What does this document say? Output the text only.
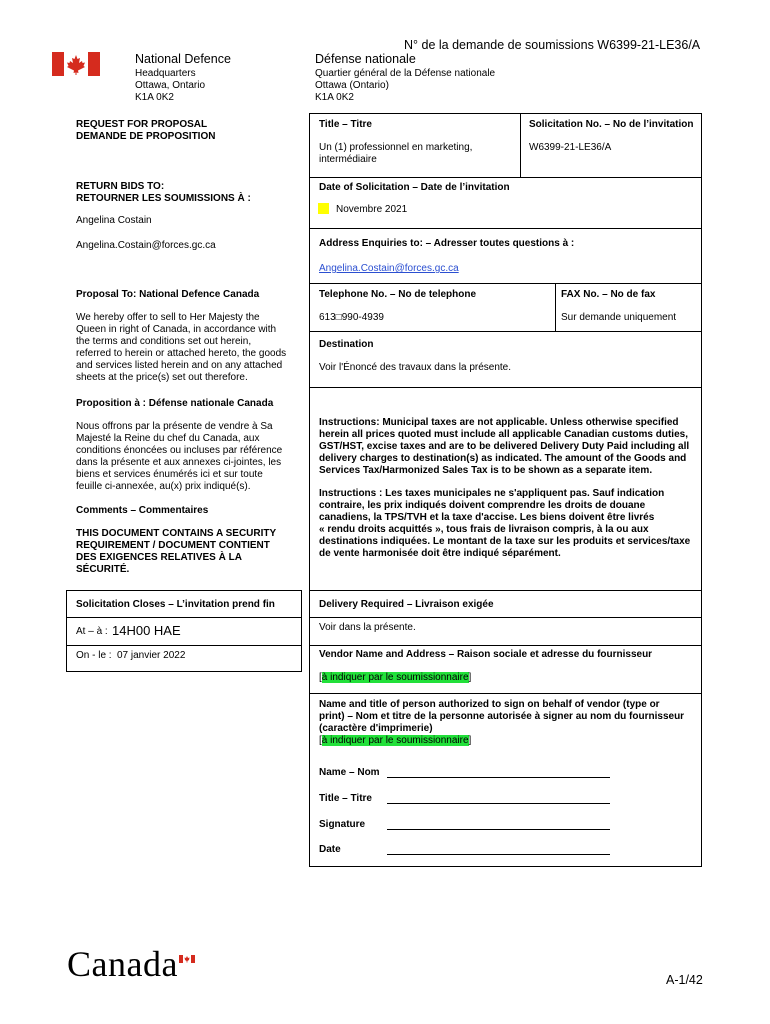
N° de la demande de soumissions W6399-21-LE36/A
National Defence	Défense nationale
Headquarters
Ottawa, Ontario
K1A 0K2
Quartier général de la Défense nationale
Ottawa (Ontario)
K1A 0K2
REQUEST FOR PROPOSAL
DEMANDE DE PROPOSITION
RETURN BIDS TO:
RETOURNER LES SOUMISSIONS À :
Angelina Costain
Angelina.Costain@forces.gc.ca
Proposal To: National Defence Canada
We hereby offer to sell to Her Majesty the
Queen in right of Canada, in accordance with
the terms and conditions set out herein,
referred to herein or attached hereto, the goods
and services listed herein and on any attached
sheets at the price(s) set out therefore.
Proposition à : Défense nationale Canada
Nous offrons par la présente de vendre à Sa
Majesté la Reine du chef du Canada, aux
conditions énoncées ou incluses par référence
dans la présente et aux annexes ci-jointes, les
biens et services énumérés ici et sur toute
feuille ci-annexée, au(x) prix indiqué(s).
Comments – Commentaires
THIS DOCUMENT CONTAINS A SECURITY
REQUIREMENT / DOCUMENT CONTIENT
DES EXIGENCES RELATIVES À LA
SÉCURITÉ.
Title – Titre
Un (1) professionnel en marketing,
intermédiaire
Solicitation No. – No de l’invitation
W6399-21-LE36/A
Date of Solicitation – Date de l’invitation
Novembre 2021
Address Enquiries to: – Adresser toutes questions à :
Angelina.Costain@forces.gc.ca
Telephone No. – No de telephone
613□990-4939
FAX No. – No de fax
Sur demande uniquement
Destination
Voir l'Énoncé des travaux dans la présente.
Instructions: Municipal taxes are not applicable. Unless otherwise specified
herein all prices quoted must include all applicable Canadian customs duties,
GST/HST, excise taxes and are to be delivered Delivery Duty Paid including all
delivery charges to destination(s) as indicated. The amount of the Goods and
Services Tax/Harmonized Sales Tax is to be shown as a separate item.
Instructions : Les taxes municipales ne s'appliquent pas. Sauf indication
contraire, les prix indiqués doivent comprendre les droits de douane
canadiens, la TPS/TVH et la taxe d'accise. Les biens doivent être livrés
« rendu droits acquittés », tous frais de livraison compris, à la ou aux
destinations indiquées. Le montant de la taxe sur les produits et services/taxe
de vente harmonisée doit être indiqué séparément.
Solicitation Closes – L’invitation prend fin
At – à : 14H00 HAE
On - le : 07 janvier 2022
Delivery Required – Livraison exigée
Voir dans la présente.
Vendor Name and Address – Raison sociale et adresse du fournisseur
[à indiquer par le soumissionnaire]
Name and title of person authorized to sign on behalf of vendor (type or
print) – Nom et titre de la personne autorisée à signer au nom du fournisseur
(caractère d'imprimerie)
[à indiquer par le soumissionnaire]
Name – Nom
Title – Titre
Signature
Date
Canada	A-1/42
